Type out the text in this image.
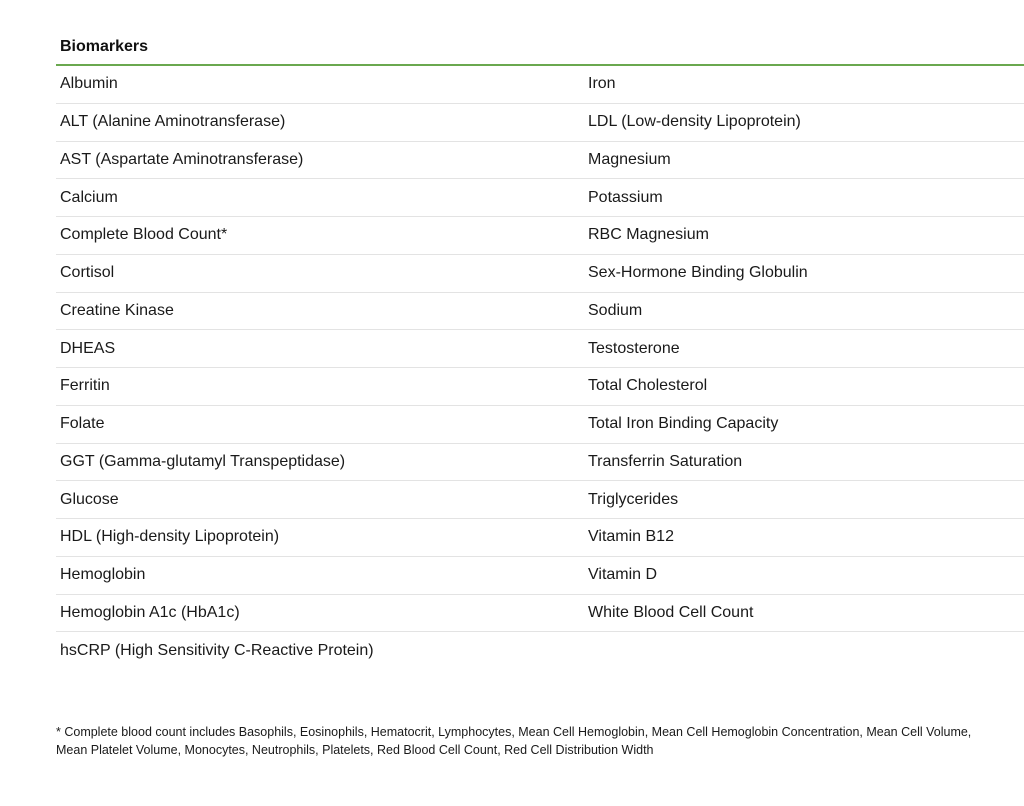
Biomarkers
Albumin	Iron
ALT (Alanine Aminotransferase)	LDL (Low-density Lipoprotein)
AST (Aspartate Aminotransferase)	Magnesium
Calcium	Potassium
Complete Blood Count*	RBC Magnesium
Cortisol	Sex-Hormone Binding Globulin
Creatine Kinase	Sodium
DHEAS	Testosterone
Ferritin	Total Cholesterol
Folate	Total Iron Binding Capacity
GGT (Gamma-glutamyl Transpeptidase)	Transferrin Saturation
Glucose	Triglycerides
HDL (High-density Lipoprotein)	Vitamin B12
Hemoglobin	Vitamin D
Hemoglobin A1c (HbA1c)	White Blood Cell Count
hsCRP (High Sensitivity C-Reactive Protein)
* Complete blood count includes Basophils, Eosinophils, Hematocrit, Lymphocytes, Mean Cell Hemoglobin, Mean Cell Hemoglobin Concentration, Mean Cell Volume, Mean Platelet Volume, Monocytes, Neutrophils, Platelets, Red Blood Cell Count, Red Cell Distribution Width
